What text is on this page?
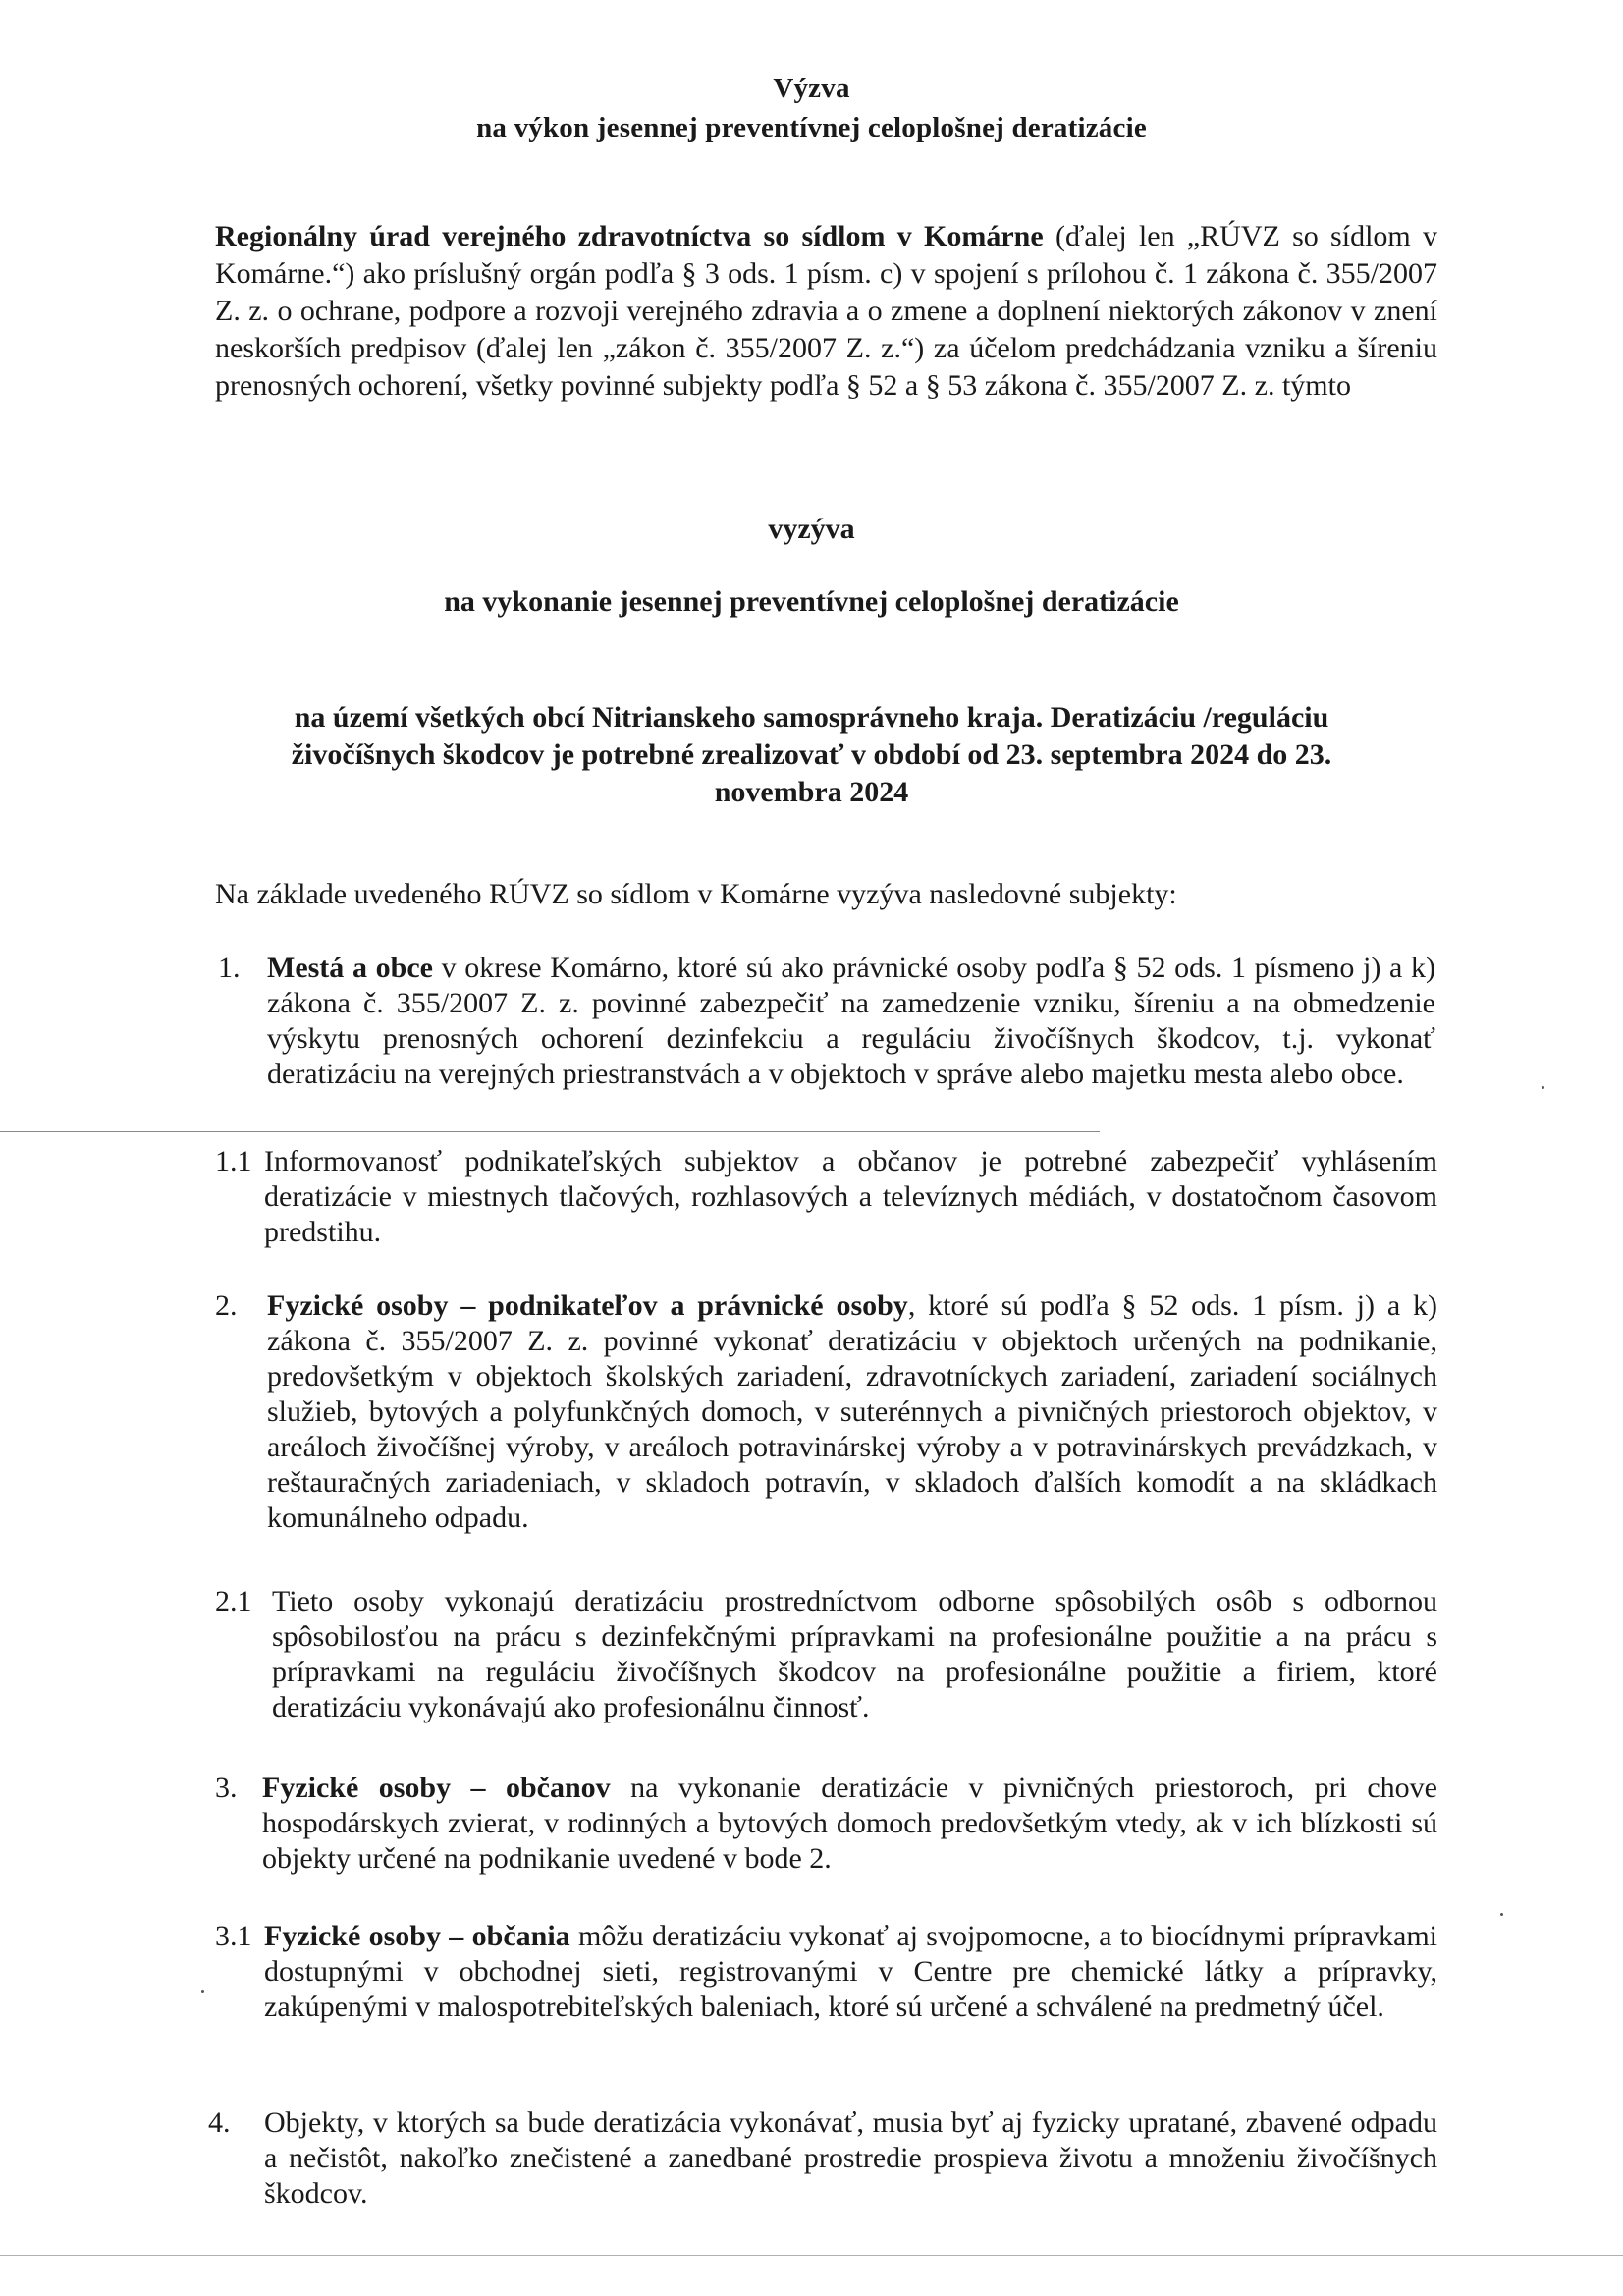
Výzva
na výkon jesennej preventívnej celoplošnej deratizácie
Regionálny úrad verejného zdravotníctva so sídlom v Komárne (ďalej len „RÚVZ so sídlom v Komárne.“) ako príslušný orgán podľa § 3 ods. 1 písm. c) v spojení s prílohou č. 1 zákona č. 355/2007 Z. z. o ochrane, podpore a rozvoji verejného zdravia a o zmene a doplnení niektorých zákonov v znení neskorších predpisov (ďalej len „zákon č. 355/2007 Z. z.“) za účelom predchádzania vzniku a šíreniu prenosných ochorení, všetky povinné subjekty podľa § 52 a § 53 zákona č. 355/2007 Z. z. týmto
vyzýva
na vykonanie jesennej preventívnej celoplošnej deratizácie
na území všetkých obcí Nitrianskeho samosprávneho kraja. Deratizáciu /reguláciu
živočíšnych škodcov je potrebné zrealizovať v období od 23. septembra 2024 do 23.
novembra 2024
Na základe uvedeného RÚVZ so sídlom v Komárne vyzýva nasledovné subjekty:
1. Mestá a obce v okrese Komárno, ktoré sú ako právnické osoby podľa § 52 ods. 1 písmeno j) a k) zákona č. 355/2007 Z. z. povinné zabezpečiť na zamedzenie vzniku, šíreniu a na obmedzenie výskytu prenosných ochorení dezinfekciu a reguláciu živočíšnych škodcov, t.j. vykonať deratizáciu na verejných priestranstvách a v objektoch v správe alebo majetku mesta alebo obce.
1.1 Informovanosť podnikateľských subjektov a občanov je potrebné zabezpečiť vyhlásením deratizácie v miestnych tlačových, rozhlasových a televíznych médiách, v dostatočnom časovom predstihu.
2. Fyzické osoby – podnikateľov a právnické osoby, ktoré sú podľa § 52 ods. 1 písm. j) a k) zákona č. 355/2007 Z. z. povinné vykonať deratizáciu v objektoch určených na podnikanie, predovšetkým v objektoch školských zariadení, zdravotníckych zariadení, zariadení sociálnych služieb, bytových a polyfunkčných domoch, v suterénnych a pivničných priestoroch objektov, v areáloch živočíšnej výroby, v areáloch potravinárskej výroby a v potravinárskych prevádzkach, v reštauračných zariadeniach, v skladoch potravín, v skladoch ďalších komodít a na skládkach komunálneho odpadu.
2.1 Tieto osoby vykonajú deratizáciu prostredníctvom odborne spôsobilých osôb s odbornou spôsobilosťou na prácu s dezinfekčnými prípravkami na profesionálne použitie a na prácu s prípravkami na reguláciu živočíšnych škodcov na profesionálne použitie a firiem, ktoré deratizáciu vykonávajú ako profesionálnu činnosť.
3. Fyzické osoby – občanov na vykonanie deratizácie v pivničných priestoroch, pri chove hospodárskych zvierat, v rodinných a bytových domoch predovšetkým vtedy, ak v ich blízkosti sú objekty určené na podnikanie uvedené v bode 2.
3.1 Fyzické osoby – občania môžu deratizáciu vykonať aj svojpomocne, a to biocídnymi prípravkami dostupnými v obchodnej sieti, registrovanými v Centre pre chemické látky a prípravky, zakúpenými v malospotrebiteľských baleniach, ktoré sú určené a schválené na predmetný účel.
4. Objekty, v ktorých sa bude deratizácia vykonávať, musia byť aj fyzicky upratané, zbavené odpadu a nečistôt, nakoľko znečistené a zanedbané prostredie prospieva životu a množeniu živočíšnych škodcov.
